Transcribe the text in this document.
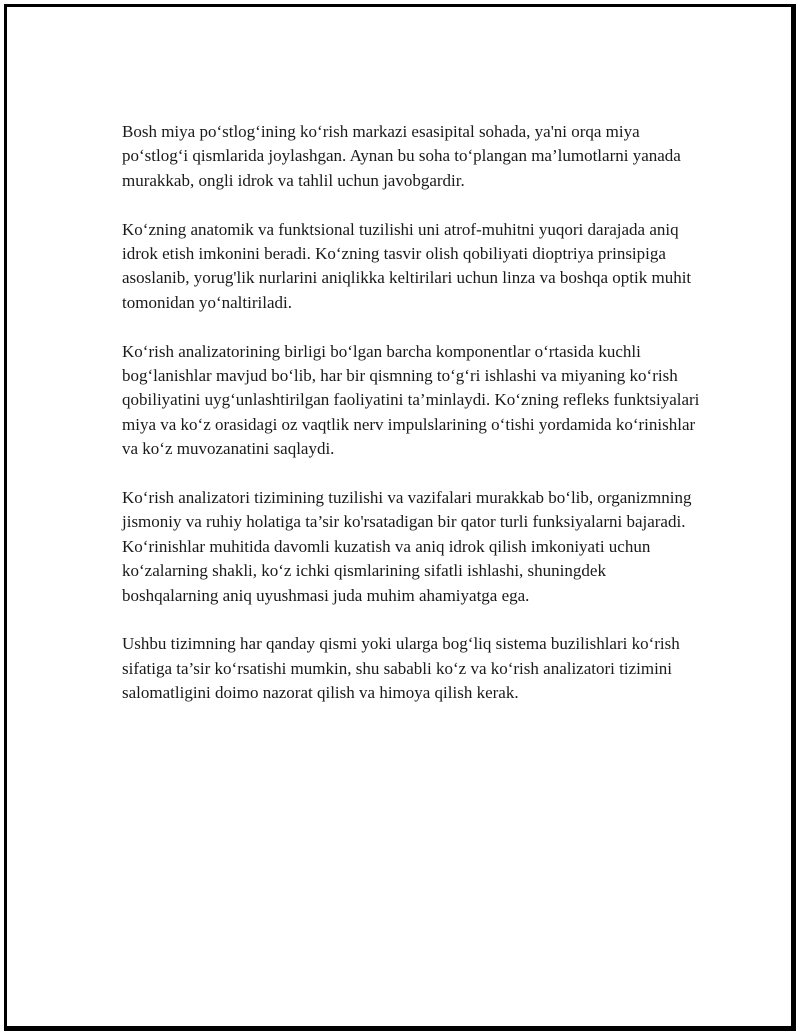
Bosh miya po‘stlog‘ining ko‘rish markazi esasipital sohada, ya'ni orqa miya po‘stlog‘i qismlarida joylashgan. Aynan bu soha to‘plangan ma’lumotlarni yanada murakkab, ongli idrok va tahlil uchun javobgardir.

Ko‘zning anatomik va funktsional tuzilishi uni atrof-muhitni yuqori darajada aniq idrok etish imkonini beradi. Ko‘zning tasvir olish qobiliyati dioptriya prinsipiga asoslanib, yorug'lik nurlarini aniqlikka keltirilari uchun linza va boshqa optik muhit tomonidan yo‘naltiriladi.

Ko‘rish analizatorining birligi bo‘lgan barcha komponentlar o‘rtasida kuchli bog‘lanishlar mavjud bo‘lib, har bir qismning to‘g‘ri ishlashi va miyaning ko‘rish qobiliyatini uyg‘unlashtirilgan faoliyatini ta’minlaydi. Ko‘zning refleks funktsiyalari miya va ko‘z orasidagi oz vaqtlik nerv impulslarining o‘tishi yordamida ko‘rinishlar va ko‘z muvozanatini saqlaydi.

Ko‘rish analizatori tizimining tuzilishi va vazifalari murakkab bo‘lib, organizmning jismoniy va ruhiy holatiga ta’sir ko'rsatadigan bir qator turli funksiyalarni bajaradi. Ko‘rinishlar muhitida davomli kuzatish va aniq idrok qilish imkoniyati uchun ko‘zalarning shakli, ko‘z ichki qismlarining sifatli ishlashi, shuningdek boshqalarning aniq uyushmasi juda muhim ahamiyatga ega.

Ushbu tizimning har qanday qismi yoki ularga bog‘liq sistema buzilishlari ko‘rish sifatiga ta’sir ko‘rsatishi mumkin, shu sababli ko‘z va ko‘rish analizatori tizimini salomatligini doimo nazorat qilish va himoya qilish kerak.
